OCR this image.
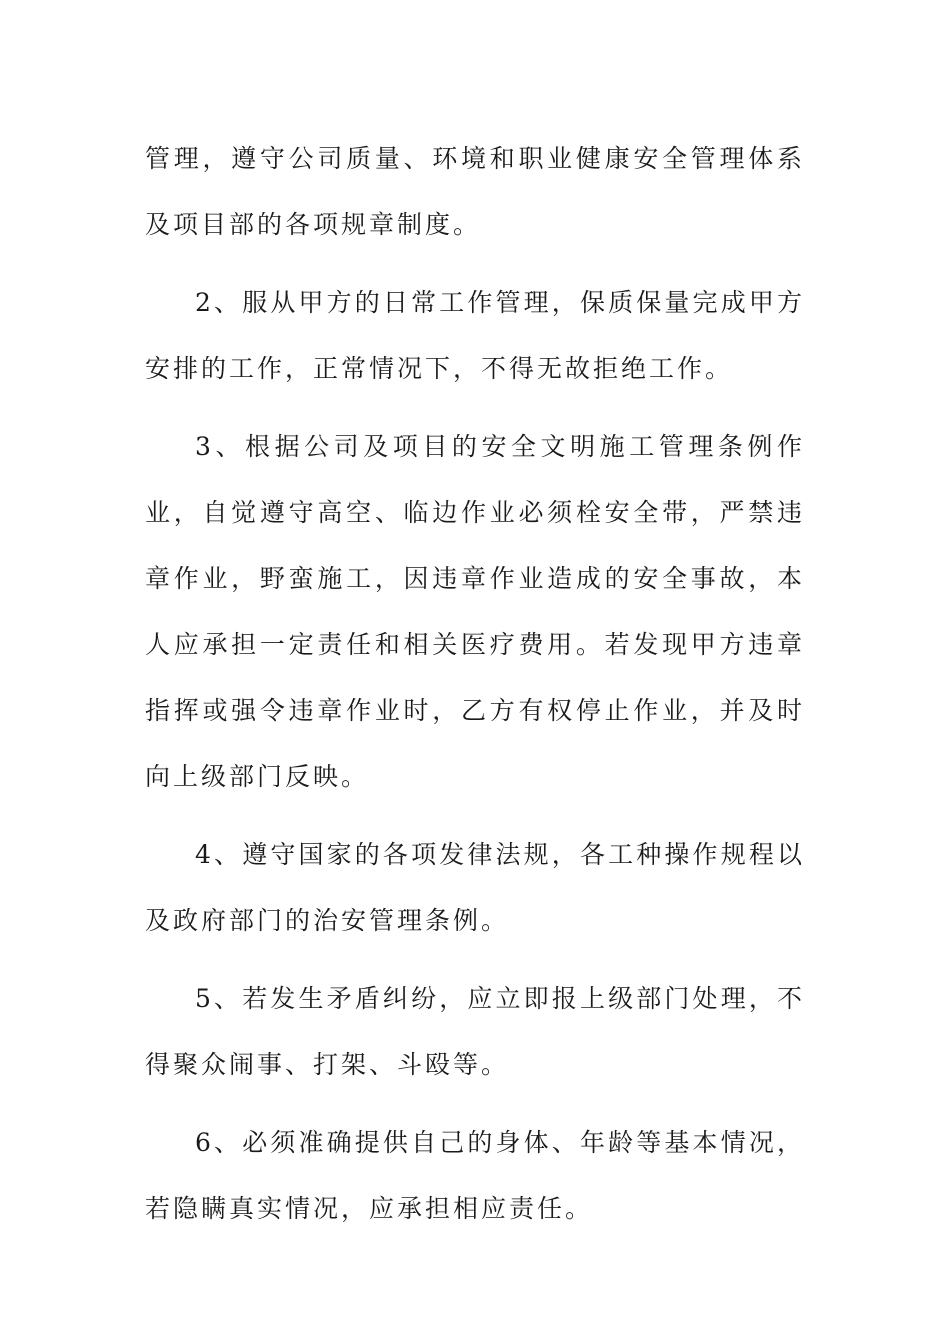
管理，遵守公司质量、环境和职业健康安全管理体系及项目部的各项规章制度。

2、服从甲方的日常工作管理，保质保量完成甲方安排的工作，正常情况下，不得无故拒绝工作。

3、根据公司及项目的安全文明施工管理条例作业，自觉遵守高空、临边作业必须栓安全带，严禁违章作业，野蛮施工，因违章作业造成的安全事故，本人应承担一定责任和相关医疗费用。若发现甲方违章指挥或强令违章作业时，乙方有权停止作业，并及时向上级部门反映。

4、遵守国家的各项发律法规，各工种操作规程以及政府部门的治安管理条例。

5、若发生矛盾纠纷，应立即报上级部门处理，不得聚众闹事、打架、斗殴等。

6、必须准确提供自己的身体、年龄等基本情况，若隐瞒真实情况，应承担相应责任。
